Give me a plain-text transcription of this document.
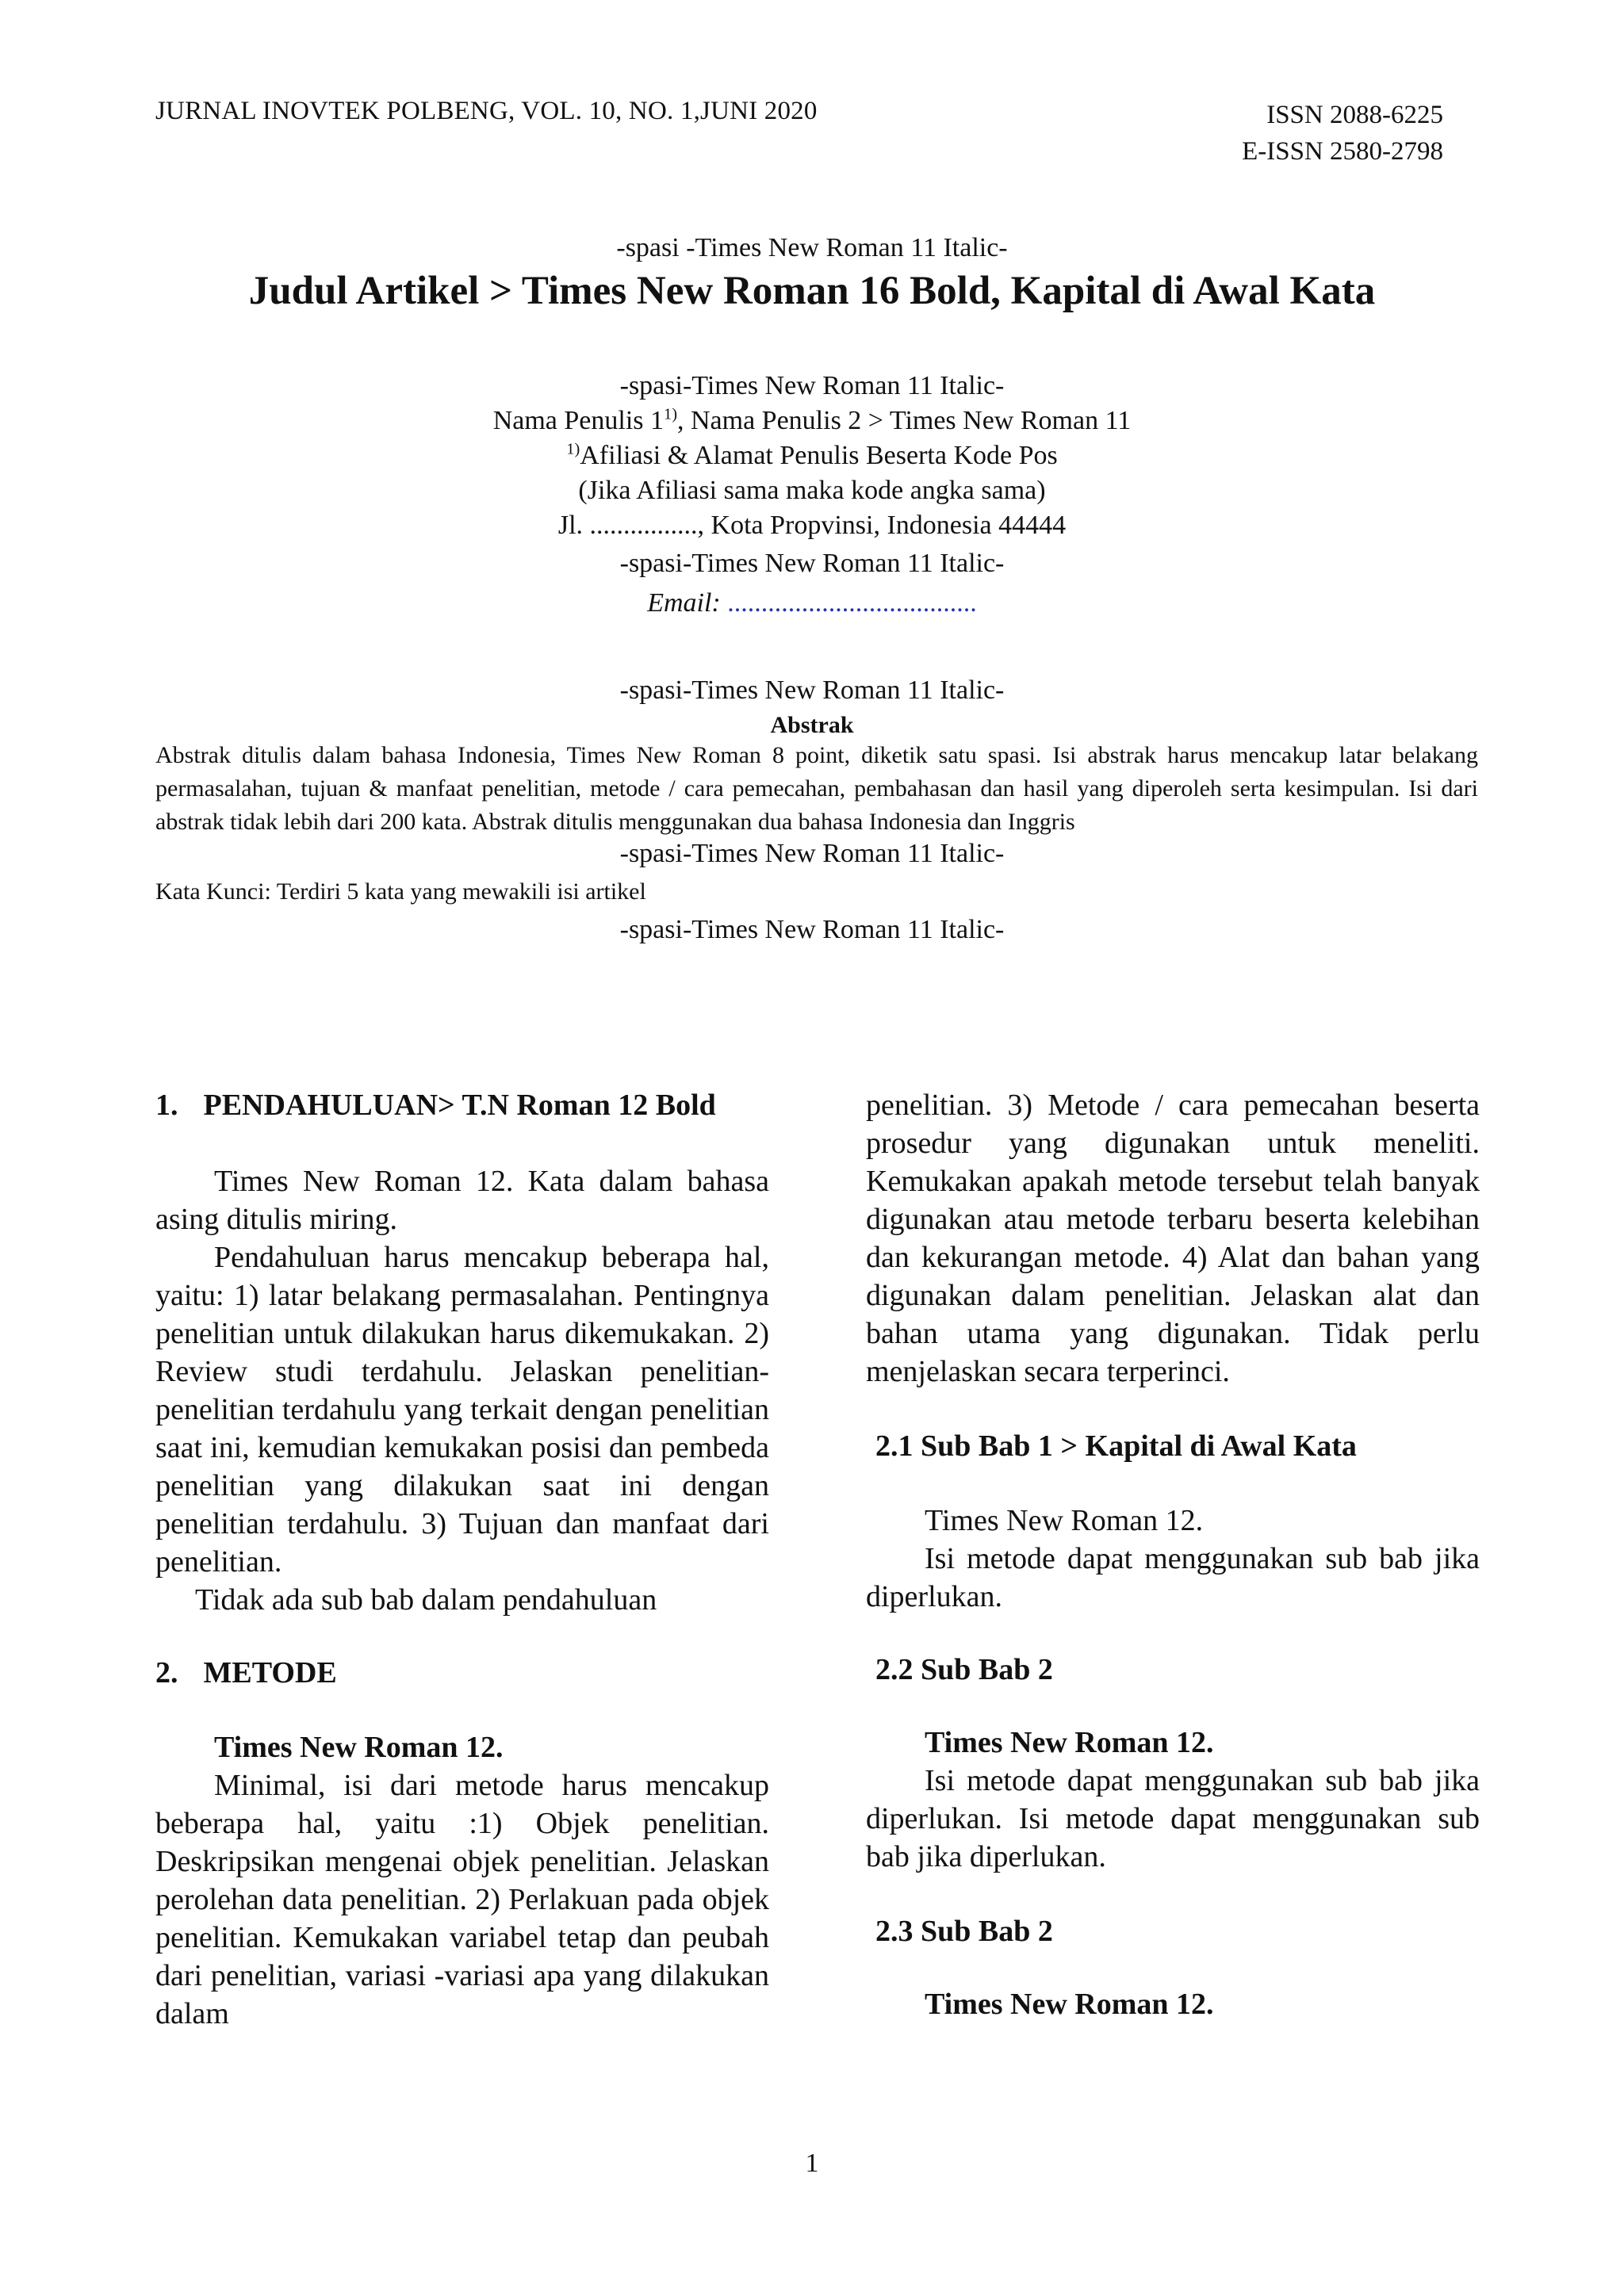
JURNAL INOVTEK POLBENG, VOL. 10, NO. 1,JUNI 2020	ISSN 2088-6225
E-ISSN 2580-2798
-spasi -Times New Roman 11 Italic-
Judul Artikel > Times New Roman 16 Bold, Kapital di Awal Kata
-spasi-Times New Roman 11 Italic-
Nama Penulis 1$^{1)}$, Nama Penulis 2 > Times New Roman 11
$^{1)}$Afiliasi & Alamat Penulis Beserta Kode Pos
(Jika Afiliasi sama maka kode angka sama)
Jl. ................, Kota Propvinsi, Indonesia 44444
-spasi-Times New Roman 11 Italic-
Email: .....................................
-spasi-Times New Roman 11 Italic-
Abstrak
Abstrak ditulis dalam bahasa Indonesia, Times New Roman 8 point, diketik satu spasi. Isi abstrak harus mencakup latar belakang permasalahan, tujuan & manfaat penelitian, metode / cara pemecahan, pembahasan dan hasil yang diperoleh serta kesimpulan. Isi dari abstrak tidak lebih dari 200 kata. Abstrak ditulis menggunakan dua bahasa Indonesia dan Inggris
-spasi-Times New Roman 11 Italic-
Kata Kunci: Terdiri 5 kata yang mewakili isi artikel
-spasi-Times New Roman 11 Italic-
1. PENDAHULUAN> T.N Roman 12 Bold

Times New Roman 12. Kata dalam bahasa asing ditulis miring.

Pendahuluan harus mencakup beberapa hal, yaitu: 1) latar belakang permasalahan. Pentingnya penelitian untuk dilakukan harus dikemukakan. 2) Review studi terdahulu. Jelaskan penelitian-penelitian terdahulu yang terkait dengan penelitian saat ini, kemudian kemukakan posisi dan pembeda penelitian yang dilakukan saat ini dengan penelitian terdahulu. 3) Tujuan dan manfaat dari penelitian.

Tidak ada sub bab dalam pendahuluan

2. METODE

Times New Roman 12.

Minimal, isi dari metode harus mencakup beberapa hal, yaitu :1) Objek penelitian. Deskripsikan mengenai objek penelitian. Jelaskan perolehan data penelitian. 2) Perlakuan pada objek penelitian. Kemukakan variabel tetap dan peubah dari penelitian, variasi -variasi apa yang dilakukan dalam

penelitian. 3) Metode / cara pemecahan beserta prosedur yang digunakan untuk meneliti. Kemukakan apakah metode tersebut telah banyak digunakan atau metode terbaru beserta kelebihan dan kekurangan metode. 4) Alat dan bahan yang digunakan dalam penelitian. Jelaskan alat dan bahan utama yang digunakan. Tidak perlu menjelaskan secara terperinci.

2.1 Sub Bab 1 > Kapital di Awal Kata

Times New Roman 12.

Isi metode dapat menggunakan sub bab jika diperlukan.

2.2 Sub Bab 2

Times New Roman 12.

Isi metode dapat menggunakan sub bab jika diperlukan. Isi metode dapat menggunakan sub bab jika diperlukan.

2.3 Sub Bab 2

Times New Roman 12.

1
